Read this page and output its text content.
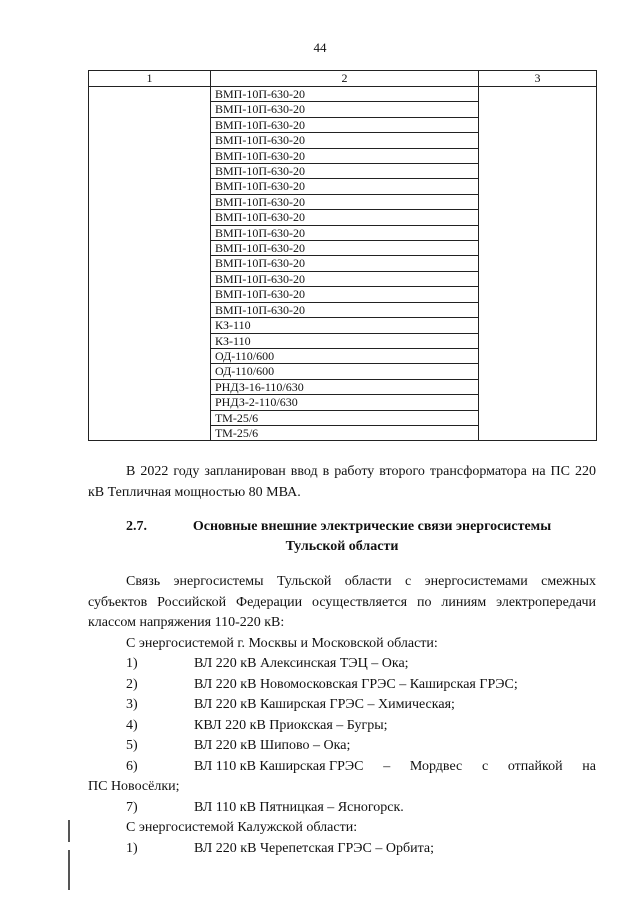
44
1	2	3
	ВМП-10П-630-20	
	ВМП-10П-630-20	
	ВМП-10П-630-20	
	ВМП-10П-630-20	
	ВМП-10П-630-20	
	ВМП-10П-630-20	
	ВМП-10П-630-20	
	ВМП-10П-630-20	
	ВМП-10П-630-20	
	ВМП-10П-630-20	
	ВМП-10П-630-20	
	ВМП-10П-630-20	
	ВМП-10П-630-20	
	ВМП-10П-630-20	
	ВМП-10П-630-20	
	КЗ-110	
	КЗ-110	
	ОД-110/600	
	ОД-110/600	
	РНДЗ-16-110/630	
	РНДЗ-2-110/630	
	ТМ-25/6	
	ТМ-25/6	

В 2022 году запланирован ввод в работу второго трансформатора на ПС 220 кВ Тепличная мощностью 80 МВА.

2.7.	Основные внешние электрические связи энергосистемы
Тульской области

Связь энергосистемы Тульской области с энергосистемами смежных субъектов Российской Федерации осуществляется по линиям электропередачи классом напряжения 110-220 кВ:

С энергосистемой г. Москвы и Московской области:

1)	ВЛ 220 кВ Алексинская ТЭЦ – Ока;
2)	ВЛ 220 кВ Новомосковская ГРЭС – Каширская ГРЭС;
3)	ВЛ 220 кВ Каширская ГРЭС – Химическая;
4)	КВЛ 220 кВ Приокская – Бугры;
5)	ВЛ 220 кВ Шипово – Ока;
6)	ВЛ 110 кВ Каширская ГРЭС – Мордвес с отпайкой на

ПС Новосёлки;

7)	ВЛ 110 кВ Пятницкая – Ясногорск.

С энергосистемой Калужской области:

1)	ВЛ 220 кВ Черепетская ГРЭС – Орбита;
